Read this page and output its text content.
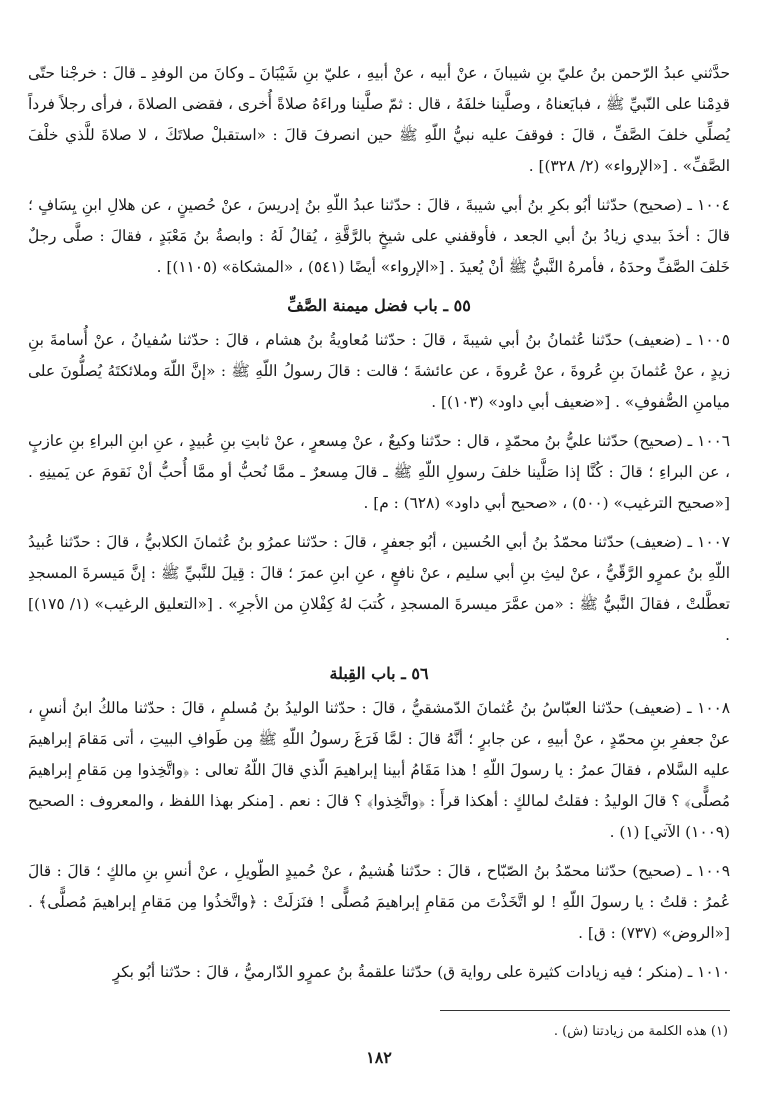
حدَّثني عبدُ الرّحمن بنُ عليّ بنِ شيبانَ ، عنْ أبيه ، عنْ أبيهِ ، عليّ بنِ شَيْبَانَ ـ وكانَ من الوفدِ ـ قالَ : خرجْنا حتّى قدِمْنا على النّبيِّ ﷺ ، فبايَعناهُ ، وصلَّينا خلفَهُ ، قال : ثمّ صلَّينا وراءَهُ صلاةً أُخرى ، فقضى الصلاةَ ، فرأى رجلاً فرداً يُصلِّي خلفَ الصَّفِّ ، قالَ : فوقفَ عليه نبيُّ اللّهِ ﷺ حين انصرفَ قالَ : «استقبلْ صلاتَكَ ، لا صلاةَ للَّذي خلْفَ الصَّفِّ» . [«الإرواء» (٢/ ٣٢٨)] .

١٠٠٤ ـ (صحيح) حدّثنا أبُو بكرِ بنُ أبي شيبةَ ، قالَ : حدّثنا عبدُ اللّهِ بنُ إدريسَ ، عنْ حُصينٍ ، عن هلالِ ابنِ يِسَافٍ ؛ قالَ : أخذَ بيدي زيادُ بنُ أبي الجعد ، فأوقفني على شيخٍ بالرَّقَّةِ ، يُقالُ لَهُ : وابصةُ بنُ مَعْبَدٍ ، فقالَ : صلَّى رجلٌ خَلفَ الصَّفِّ وحدَهُ ، فأمرهُ النَّبيُّ ﷺ أنْ يُعيدَ . [«الإرواء» أيضًا (٥٤١) ، «المشكاة» (١١٠٥)] .

٥٥ ـ باب فضل ميمنة الصَّفِّ

١٠٠٥ ـ (ضعيف) حدّثنا عُثمانُ بنُ أبي شيبةَ ، قالَ : حدّثنا مُعاويةُ بنُ هشام ، قالَ : حدّثنا سُفيانُ ، عنْ أُسامةَ بنِ زيدٍ ، عنْ عُثمانَ بنِ عُروةَ ، عنْ عُروةَ ، عن عائشةَ ؛ قالت : قالَ رسولُ اللّهِ ﷺ : «إنَّ اللّهَ وملائكتَهُ يُصلُّونَ على ميامنِ الصُّفوفِ» . [«ضعيف أبي داود» (١٠٣)] .

١٠٠٦ ـ (صحيح) حدّثنا عليُّ بنُ محمّدٍ ، قال : حدّثنا وكيعٌ ، عنْ مِسعرٍ ، عنْ ثابتِ بنِ عُبيدٍ ، عنِ ابنِ البراءِ بنِ عازبٍ ، عن البراءِ ؛ قالَ : كُنَّا إذا صَلَّينا خلفَ رسولِ اللّهِ ﷺ ـ قالَ مِسعرٌ ـ ممَّا نُحبُّ أو ممَّا أُحبُّ أنْ نَقومَ عن يَمينِهِ . [«صحيح الترغيب» (٥٠٠) ، «صحيح أبي داود» (٦٢٨) : م] .

١٠٠٧ ـ (ضعيف) حدّثنا محمّدُ بنُ أبي الحُسين ، أبُو جعفرٍ ، قالَ : حدّثنا عمرُو بنُ عُثمانَ الكلابيُّ ، قالَ : حدّثنا عُبيدُ اللّهِ بنُ عمرٍو الرَّقّيُّ ، عنْ ليثِ بنِ أبي سليم ، عنْ نافعٍ ، عنِ ابنِ عمرَ ؛ قالَ : قِيلَ للنَّبيِّ ﷺ : إنَّ مَيسرةَ المسجدِ تعطَّلتْ ، فقالَ النَّبيُّ ﷺ : «من عمَّرَ ميسرةَ المسجدِ ، كُتبَ لهُ كِفْلانِ من الأجرِ» . [«التعليق الرغيب» (١/ ١٧٥)] .

٥٦ ـ باب القِبلة

١٠٠٨ ـ (ضعيف) حدّثنا العبّاسُ بنُ عُثمانَ الدّمشقيُّ ، قالَ : حدّثنا الوليدُ بنُ مُسلمٍ ، قالَ : حدّثنا مالكُ ابنُ أنسٍ ، عنْ جعفرِ بنِ محمّدٍ ، عنْ أبيهِ ، عن جابرٍ ؛ أنَّهُ قالَ : لمَّا فَرَغَ رسولُ اللّهِ ﷺ مِن طَوافِ البيتِ ، أتى مَقامَ إبراهيمَ عليه السَّلام ، فقالَ عمرُ : يا رسولَ اللّهِ ! هذا مَقَامُ أبينا إبراهيمَ الّذي قالَ اللّهُ تعالى : ﴿واتَّخِذوا مِن مَقامِ إبراهيمَ مُصلًّى﴾ ؟ قالَ الوليدُ : فقلتُ لمالكٍ : أهكذا قرأَ : ﴿واتَّخِذوا﴾ ؟ قالَ : نعم . [منكر بهذا اللفظ ، والمعروف : الصحيح (١٠٠٩) الآتي] (١) .

١٠٠٩ ـ (صحيح) حدّثنا محمّدُ بنُ الصّبّاح ، قالَ : حدّثنا هُشيمٌ ، عنْ حُميدٍ الطّويلِ ، عنْ أنسِ بنِ مالكٍ ؛ قالَ : قالَ عُمرُ : قلتُ : يا رسولَ اللّهِ ! لو اتَّخَذْتَ من مَقامِ إبراهيمَ مُصلًّى ! فنَزلَتْ : ﴿واتَّخذُوا مِن مَقامِ إبراهيمَ مُصلًّى﴾ . [«الروض» (٧٣٧) : ق] .

١٠١٠ ـ (منكر ؛ فيه زيادات كثيرة على رواية ق) حدّثنا علقمةُ بنُ عمرٍو الدّارميُّ ، قالَ : حدّثنا أبُو بكرٍ

(١) هذه الكلمة من زيادتنا (ش) .
١٨٢
